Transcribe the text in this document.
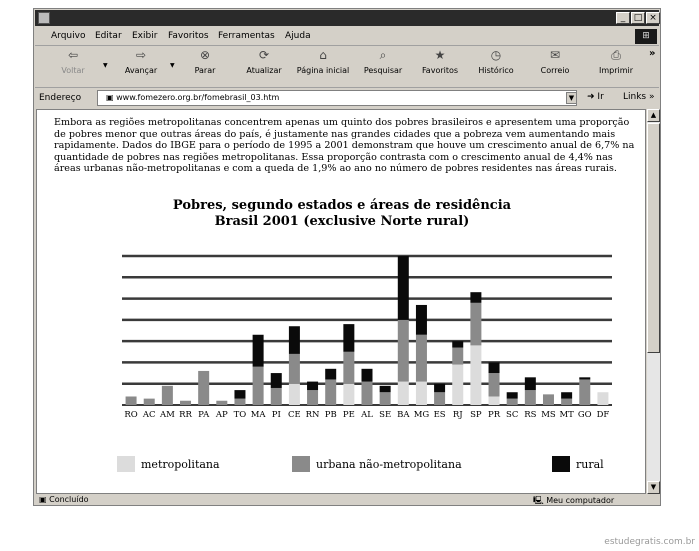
_ □ ×
Arquivo Editar Exibir Favoritos Ferramentas Ajuda	⊞
⇦
Voltar
▼
⇨
Avançar
▼
⊗
Parar
⟳
Atualizar
⌂
Página inicial
⌕
Pesquisar
★
Favoritos
◷
Histórico
✉
Correio
⎙
Imprimir
»
Endereço	▣ www.fomezero.org.br/fomebrasil_03.htm	▼	➜ Ir Links »
Embora as regiões metropolitanas concentrem apenas um quinto dos pobres brasileiros e apresentem uma proporção de pobres menor que outras áreas do país, é justamente nas grandes cidades que a pobreza vem aumentando mais rapidamente. Dados do IBGE para o período de 1995 a 2001 demonstram que houve um crescimento anual de 6,7% na quantidade de pobres nas regiões metropolitanas. Essa proporção contrasta com o crescimento anual de 4,4% nas áreas urbanas não-metropolitanas e com a queda de 1,9% ao ano no número de pobres residentes nas áreas rurais.
Pobres, segundo estados e áreas de residência
Brasil 2001 (exclusive Norte rural)
RO AC AM RR PA AP TO MA PI CE RN PB PE AL SE BA MG ES RJ SP PR SC RS MS MT GO DF
metropolitana	urbana não-metropolitana	rural
▲
▼
▣ Concluído	🖳 Meu computador
estudegratis.com.br
